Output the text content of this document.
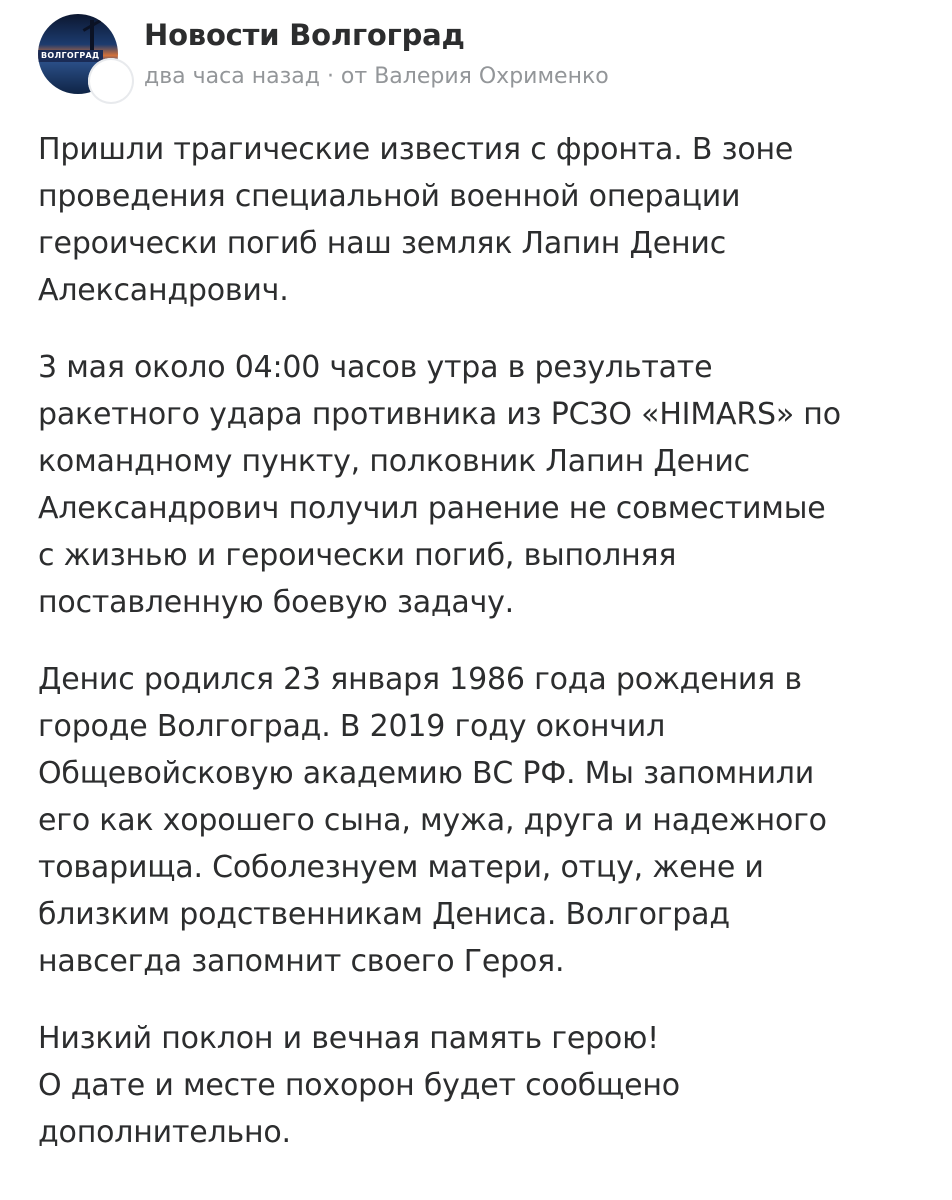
ВОЛГОГРАД
Новости Волгоград
два часа назад · от Валерия Охрименко

Пришли трагические известия с фронта. В зоне
проведения специальной военной операции
героически погиб наш земляк Лапин Денис
Александрович.

3 мая около 04:00 часов утра в результате
ракетного удара противника из РСЗО «HIMARS» по
командному пункту, полковник Лапин Денис
Александрович получил ранение не совместимые
с жизнью и героически погиб, выполняя
поставленную боевую задачу.

Денис родился 23 января 1986 года рождения в
городе Волгоград. В 2019 году окончил
Общевойсковую академию ВС РФ. Мы запомнили
его как хорошего сына, мужа, друга и надежного
товарища. Соболезнуем матери, отцу, жене и
близким родственникам Дениса. Волгоград
навсегда запомнит своего Героя.

Низкий поклон и вечная память герою!
О дате и месте похорон будет сообщено
дополнительно.
